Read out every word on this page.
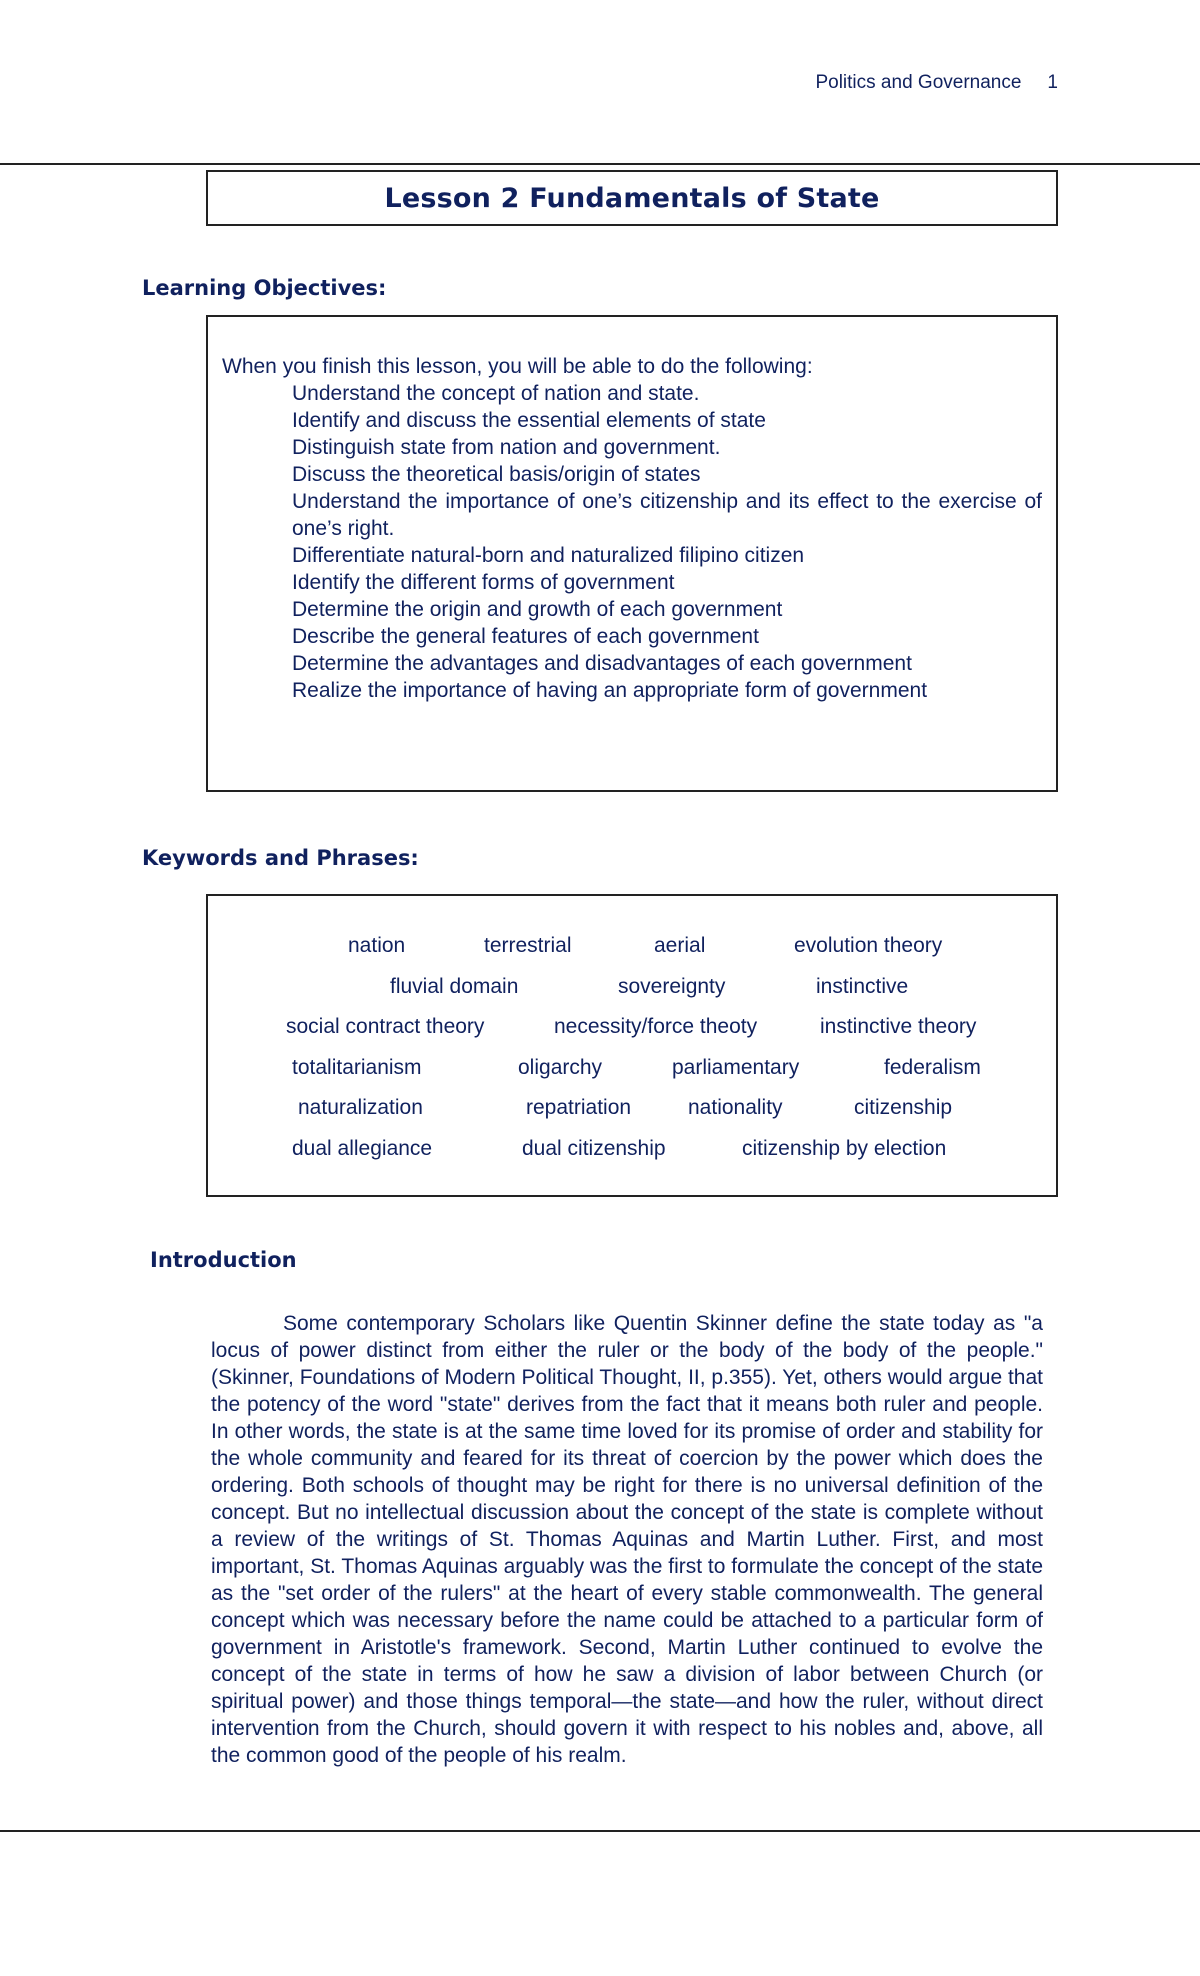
Politics and Governance 1
Lesson 2 Fundamentals of State
Learning Objectives:
When you finish this lesson, you will be able to do the following:
Understand the concept of nation and state.
Identify and discuss the essential elements of state
Distinguish state from nation and government.
Discuss the theoretical basis/origin of states
Understand the importance of one’s citizenship and its effect to the exercise of one’s right.
Differentiate natural-born and naturalized filipino citizen
Identify the different forms of government
Determine the origin and growth of each government
Describe the general features of each government
Determine the advantages and disadvantages of each government
Realize the importance of having an appropriate form of government
Keywords and Phrases:
nation	terrestrial	aerial	evolution theory
fluvial domain	sovereignty	instinctive
social contract theory	necessity/force theoty	instinctive theory
totalitarianism	oligarchy	parliamentary	federalism
naturalization	repatriation	nationality	citizenship
dual allegiance	dual citizenship	citizenship by election
Introduction

Some contemporary Scholars like Quentin Skinner define the state today as "a locus of power distinct from either the ruler or the body of the body of the people." (Skinner, Foundations of Modern Political Thought, II, p.355). Yet, others would argue that the potency of the word "state" derives from the fact that it means both ruler and people. In other words, the state is at the same time loved for its promise of order and stability for the whole community and feared for its threat of coercion by the power which does the ordering. Both schools of thought may be right for there is no universal definition of the concept. But no intellectual discussion about the concept of the state is complete without a review of the writings of St. Thomas Aquinas and Martin Luther. First, and most important, St. Thomas Aquinas arguably was the first to formulate the concept of the state as the "set order of the rulers" at the heart of every stable commonwealth. The general concept which was necessary before the name could be attached to a particular form of government in Aristotle's framework. Second, Martin Luther continued to evolve the concept of the state in terms of how he saw a division of labor between Church (or spiritual power) and those things temporal—the state—and how the ruler, without direct intervention from the Church, should govern it with respect to his nobles and, above, all the common good of the people of his realm.
